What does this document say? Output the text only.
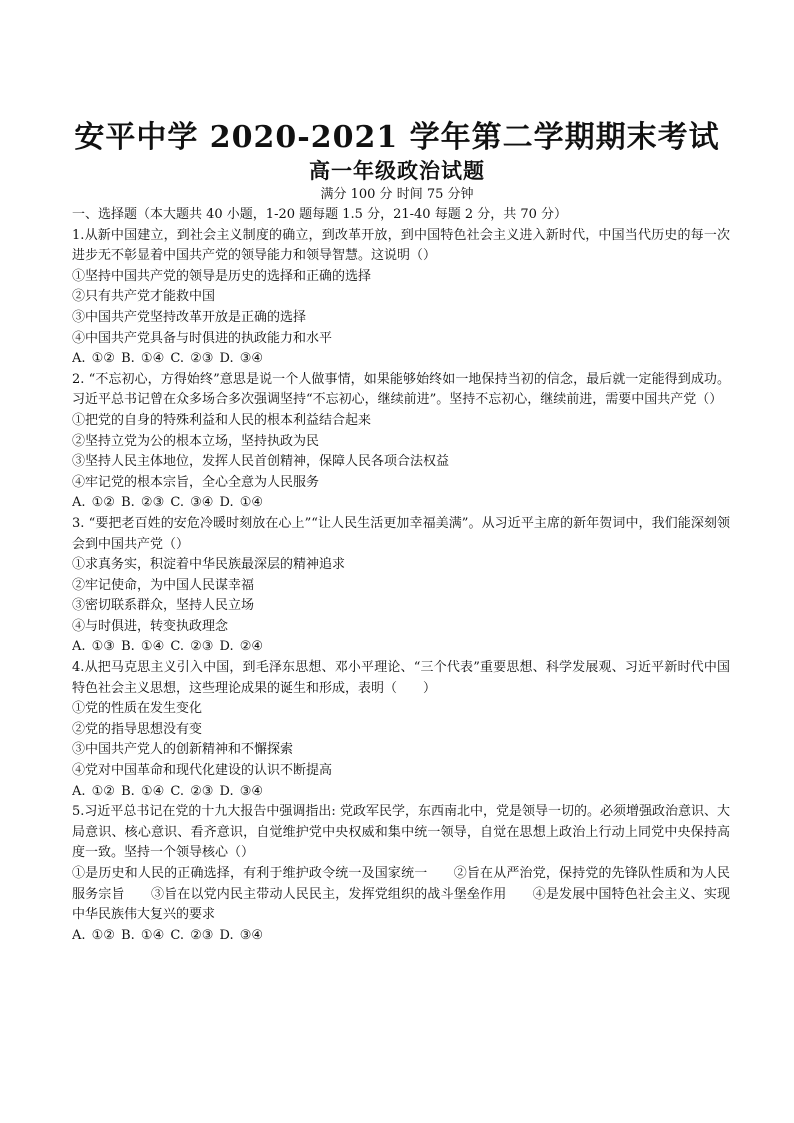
安平中学 2020-2021 学年第二学期期末考试
高一年级政治试题
满分 100 分 时间 75 分钟
一、选择题（本大题共 40 小题，1-20 题每题 1.5 分，21-40 每题 2 分，共 70 分）
1.从新中国建立，到社会主义制度的确立，到改革开放，到中国特色社会主义进入新时代，中国当代历史的每一次进步无不彰显着中国共产党的领导能力和领导智慧。这说明（）
①坚持中国共产党的领导是历史的选择和正确的选择
②只有共产党才能救中国
③中国共产党坚持改革开放是正确的选择
④中国共产党具备与时俱进的执政能力和水平
A. ①② B. ①④ C. ②③ D. ③④
2. “不忘初心，方得始终”意思是说一个人做事情，如果能够始终如一地保持当初的信念，最后就一定能得到成功。习近平总书记曾在众多场合多次强调坚持“不忘初心，继续前进”。坚持不忘初心，继续前进，需要中国共产党（）
①把党的自身的特殊利益和人民的根本利益结合起来
②坚持立党为公的根本立场，坚持执政为民
③坚持人民主体地位，发挥人民首创精神，保障人民各项合法权益
④牢记党的根本宗旨，全心全意为人民服务
A. ①② B. ②③ C. ③④ D. ①④
3. “要把老百姓的安危冷暖时刻放在心上”“让人民生活更加幸福美满”。从习近平主席的新年贺词中，我们能深刻领会到中国共产党（）
①求真务实，积淀着中华民族最深层的精神追求
②牢记使命，为中国人民谋幸福
③密切联系群众，坚持人民立场
④与时俱进，转变执政理念
A. ①③ B. ①④ C. ②③ D. ②④
4.从把马克思主义引入中国，到毛泽东思想、邓小平理论、“三个代表”重要思想、科学发展观、习近平新时代中国特色社会主义思想，这些理论成果的诞生和形成，表明（　　）
①党的性质在发生变化
②党的指导思想没有变
③中国共产党人的创新精神和不懈探索
④党对中国革命和现代化建设的认识不断提高
A. ①② B. ①④ C. ②③ D. ③④
5.习近平总书记在党的十九大报告中强调指出: 党政军民学，东西南北中，党是领导一切的。必须增强政治意识、大局意识、核心意识、看齐意识，自觉维护党中央权威和集中统一领导，自觉在思想上政治上行动上同党中央保持高度一致。坚持一个领导核心（）
①是历史和人民的正确选择，有利于维护政令统一及国家统一　　②旨在从严治党，保持党的先锋队性质和为人民服务宗旨　　③旨在以党内民主带动人民民主，发挥党组织的战斗堡垒作用　　④是发展中国特色社会主义、实现中华民族伟大复兴的要求
A. ①② B. ①④ C. ②③ D. ③④
